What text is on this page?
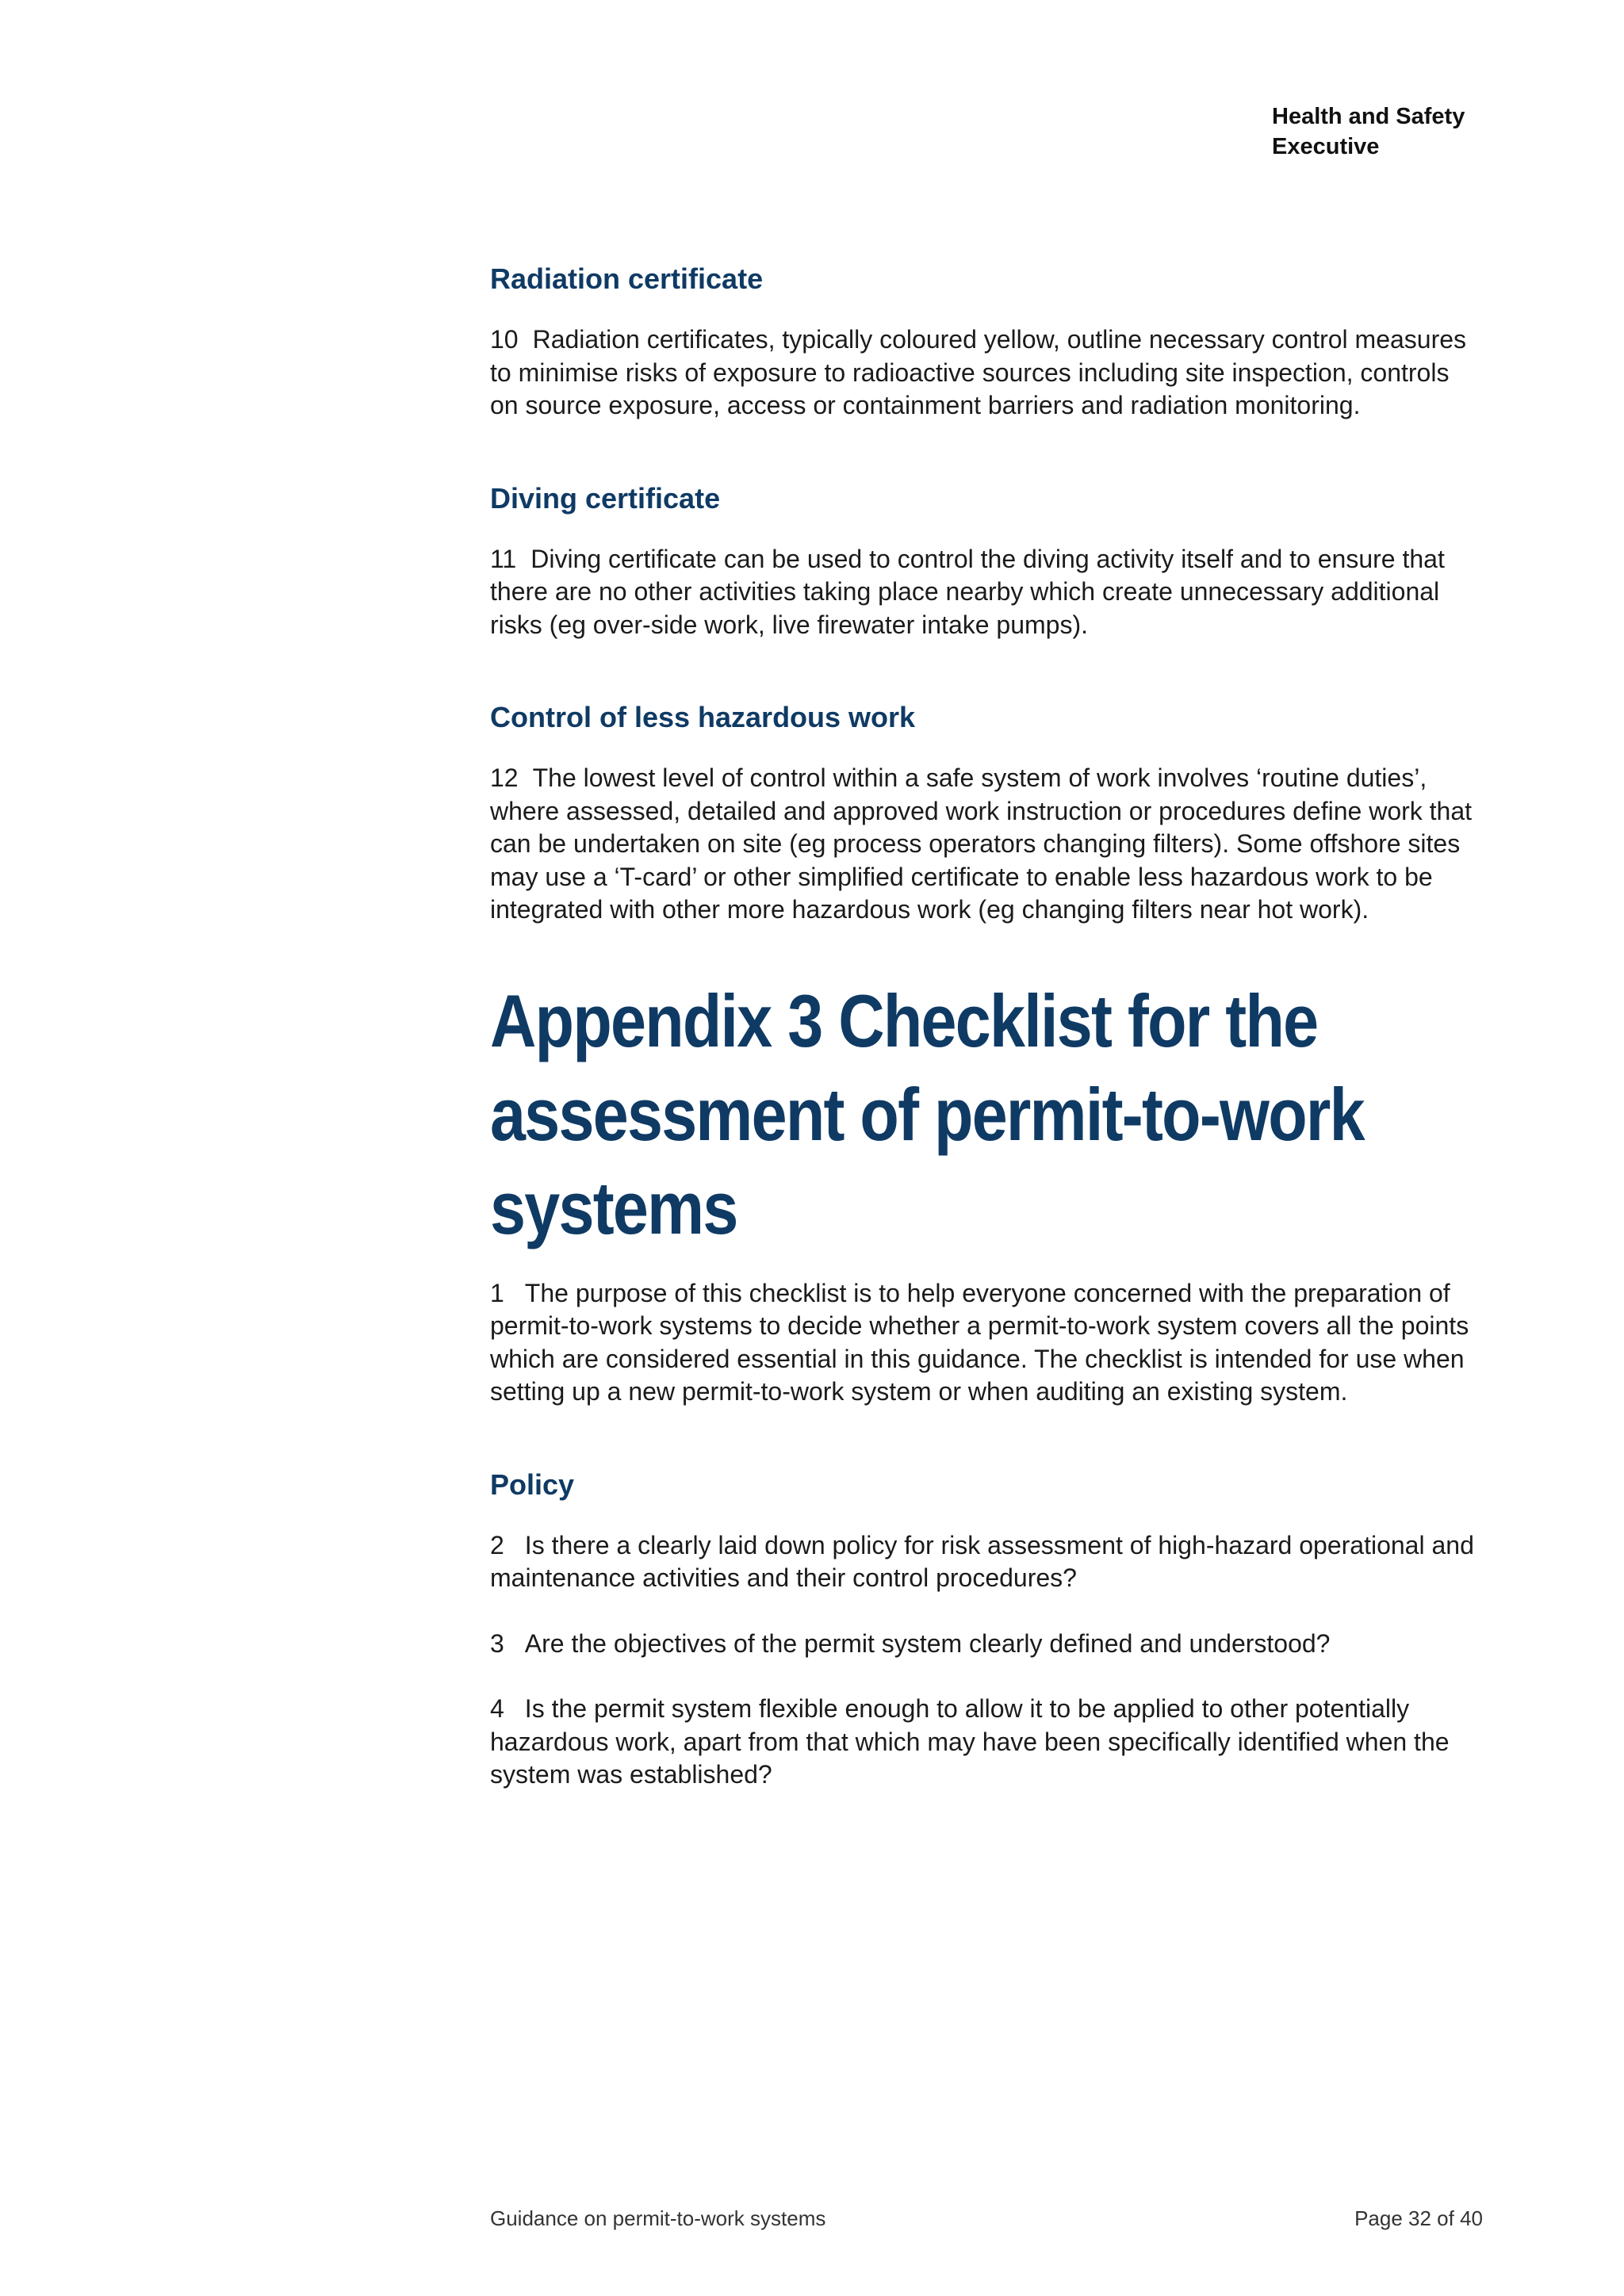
Health and Safety
Executive
Radiation certificate

10 Radiation certificates, typically coloured yellow, outline necessary control measures to minimise risks of exposure to radioactive sources including site inspection, controls on source exposure, access or containment barriers and radiation monitoring.

Diving certificate

11 Diving certificate can be used to control the diving activity itself and to ensure that there are no other activities taking place nearby which create unnecessary additional risks (eg over-side work, live firewater intake pumps).

Control of less hazardous work

12 The lowest level of control within a safe system of work involves ‘routine duties’, where assessed, detailed and approved work instruction or procedures define work that can be undertaken on site (eg process operators changing filters). Some offshore sites may use a ‘T-card’ or other simplified certificate to enable less hazardous work to be integrated with other more hazardous work (eg changing filters near hot work).

Appendix 3 Checklist for the assessment of permit-to-work systems

1 The purpose of this checklist is to help everyone concerned with the preparation of permit-to-work systems to decide whether a permit-to-work system covers all the points which are considered essential in this guidance. The checklist is intended for use when setting up a new permit-to-work system or when auditing an existing system.

Policy

2 Is there a clearly laid down policy for risk assessment of high-hazard operational and maintenance activities and their control procedures?

3 Are the objectives of the permit system clearly defined and understood?

4 Is the permit system flexible enough to allow it to be applied to other potentially hazardous work, apart from that which may have been specifically identified when the system was established?

Guidance on permit-to-work systems	Page 32 of 40
